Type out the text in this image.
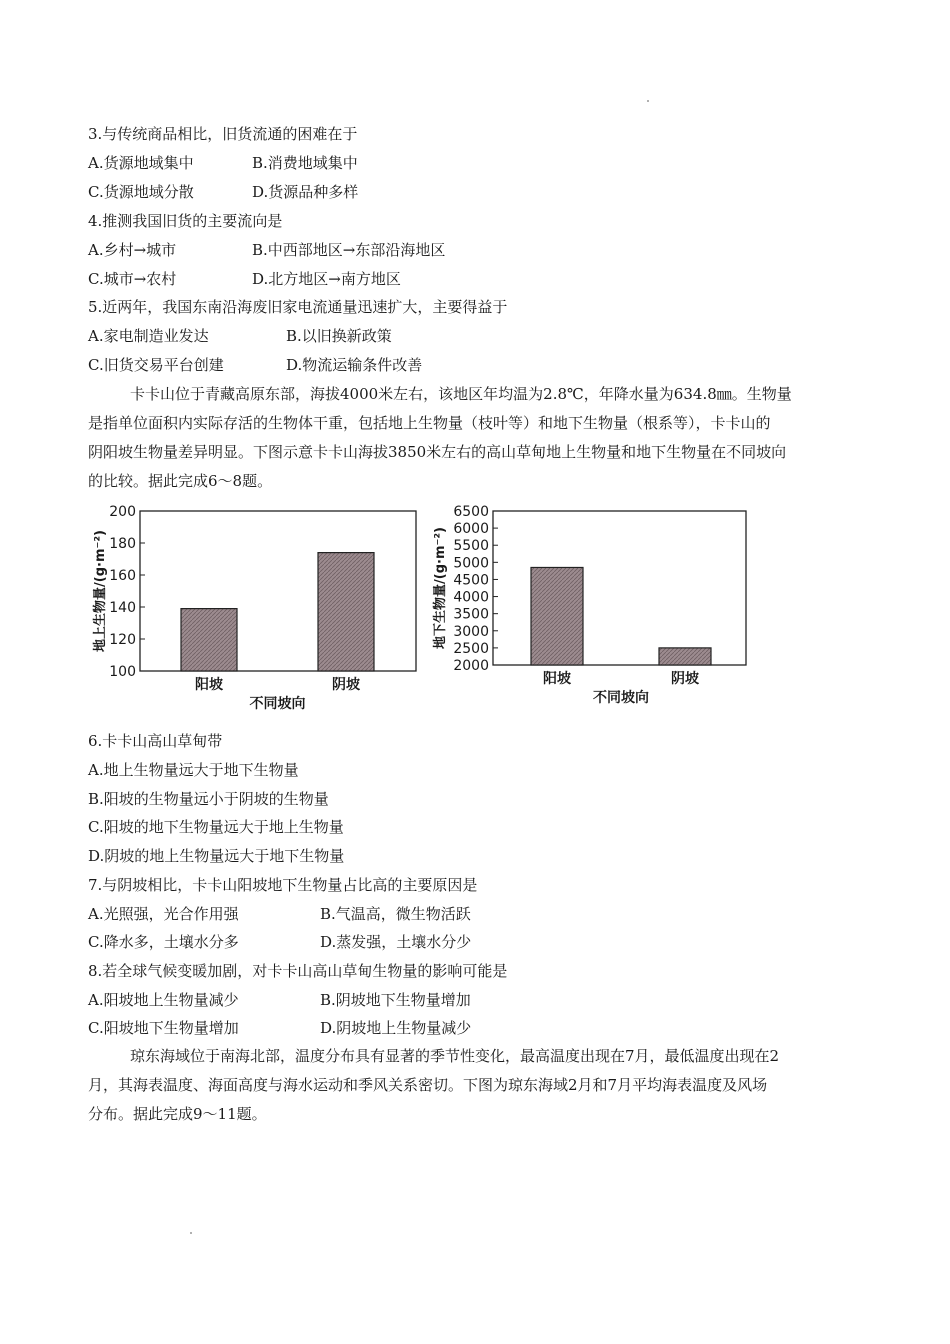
3.与传统商品相比，旧货流通的困难在于
A.货源地域集中	B.消费地域集中
C.货源地域分散	D.货源品种多样
4.推测我国旧货的主要流向是
A.乡村→城市	B.中西部地区→东部沿海地区
C.城市→农村	D.北方地区→南方地区
5.近两年，我国东南沿海废旧家电流通量迅速扩大，主要得益于
A.家电制造业发达	B.以旧换新政策
C.旧货交易平台创建	D.物流运输条件改善
卡卡山位于青藏高原东部，海拔4000米左右，该地区年均温为2.8℃，年降水量为634.8㎜。生物量
是指单位面积内实际存活的生物体干重，包括地上生物量（枝叶等）和地下生物量（根系等），卡卡山的
阴阳坡生物量差异明显。下图示意卡卡山海拔3850米左右的高山草甸地上生物量和地下生物量在不同坡向
的比较。据此完成6～8题。
100
120
140
160
180
200
阳坡	阴坡
不同坡向
地上生物量/(g·m⁻²)
2000
2500
3000
3500
4000
4500
5000
5500
6000
6500
阳坡	阴坡
不同坡向
地下生物量/(g·m⁻²)
6.卡卡山高山草甸带
A.地上生物量远大于地下生物量
B.阳坡的生物量远小于阴坡的生物量
C.阳坡的地下生物量远大于地上生物量
D.阴坡的地上生物量远大于地下生物量
7.与阴坡相比，卡卡山阳坡地下生物量占比高的主要原因是
A.光照强，光合作用强	B.气温高，微生物活跃
C.降水多，土壤水分多	D.蒸发强，土壤水分少
8.若全球气候变暖加剧，对卡卡山高山草甸生物量的影响可能是
A.阳坡地上生物量减少	B.阴坡地下生物量增加
C.阳坡地下生物量增加	D.阴坡地上生物量减少
琼东海域位于南海北部，温度分布具有显著的季节性变化，最高温度出现在7月，最低温度出现在2
月，其海表温度、海面高度与海水运动和季风关系密切。下图为琼东海域2月和7月平均海表温度及风场
分布。据此完成9～11题。
